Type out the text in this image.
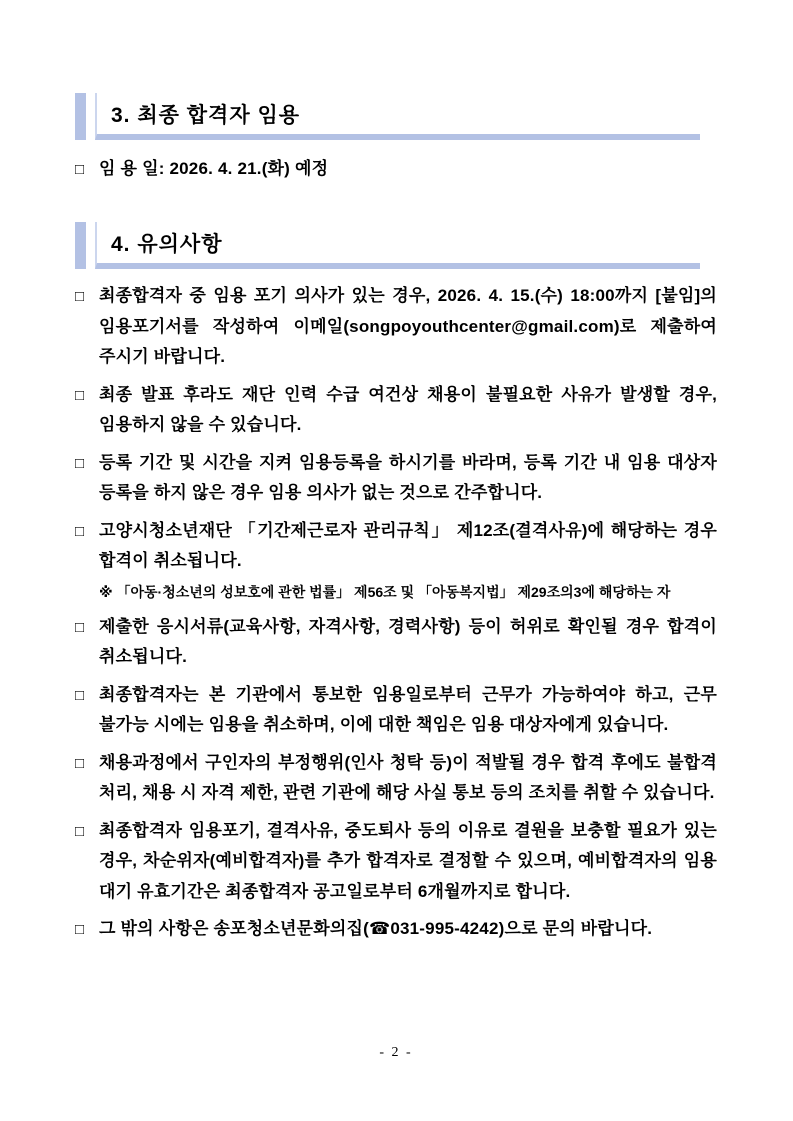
3. 최종 합격자 임용
□ 임 용 일: 2026. 4. 21.(화) 예정
4. 유의사항
□ 최종합격자 중 임용 포기 의사가 있는 경우, 2026. 4. 15.(수) 18:00까지 [붙임]의 임용포기서를 작성하여 이메일(songpoyouthcenter@gmail.com)로 제출하여 주시기 바랍니다.
□ 최종 발표 후라도 재단 인력 수급 여건상 채용이 불필요한 사유가 발생할 경우, 임용하지 않을 수 있습니다.
□ 등록 기간 및 시간을 지켜 임용등록을 하시기를 바라며, 등록 기간 내 임용 대상자 등록을 하지 않은 경우 임용 의사가 없는 것으로 간주합니다.
□ 고양시청소년재단 「기간제근로자 관리규칙」 제12조(결격사유)에 해당하는 경우 합격이 취소됩니다.
※ 「아동·청소년의 성보호에 관한 법률」 제56조 및 「아동복지법」 제29조의3에 해당하는 자
□ 제출한 응시서류(교육사항, 자격사항, 경력사항) 등이 허위로 확인될 경우 합격이 취소됩니다.
□ 최종합격자는 본 기관에서 통보한 임용일로부터 근무가 가능하여야 하고, 근무 불가능 시에는 임용을 취소하며, 이에 대한 책임은 임용 대상자에게 있습니다.
□ 채용과정에서 구인자의 부정행위(인사 청탁 등)이 적발될 경우 합격 후에도 불합격 처리, 채용 시 자격 제한, 관련 기관에 해당 사실 통보 등의 조치를 취할 수 있습니다.
□ 최종합격자 임용포기, 결격사유, 중도퇴사 등의 이유로 결원을 보충할 필요가 있는 경우, 차순위자(예비합격자)를 추가 합격자로 결정할 수 있으며, 예비합격자의 임용 대기 유효기간은 최종합격자 공고일로부터 6개월까지로 합니다.
□ 그 밖의 사항은 송포청소년문화의집(☎031-995-4242)으로 문의 바랍니다.
- 2 -
